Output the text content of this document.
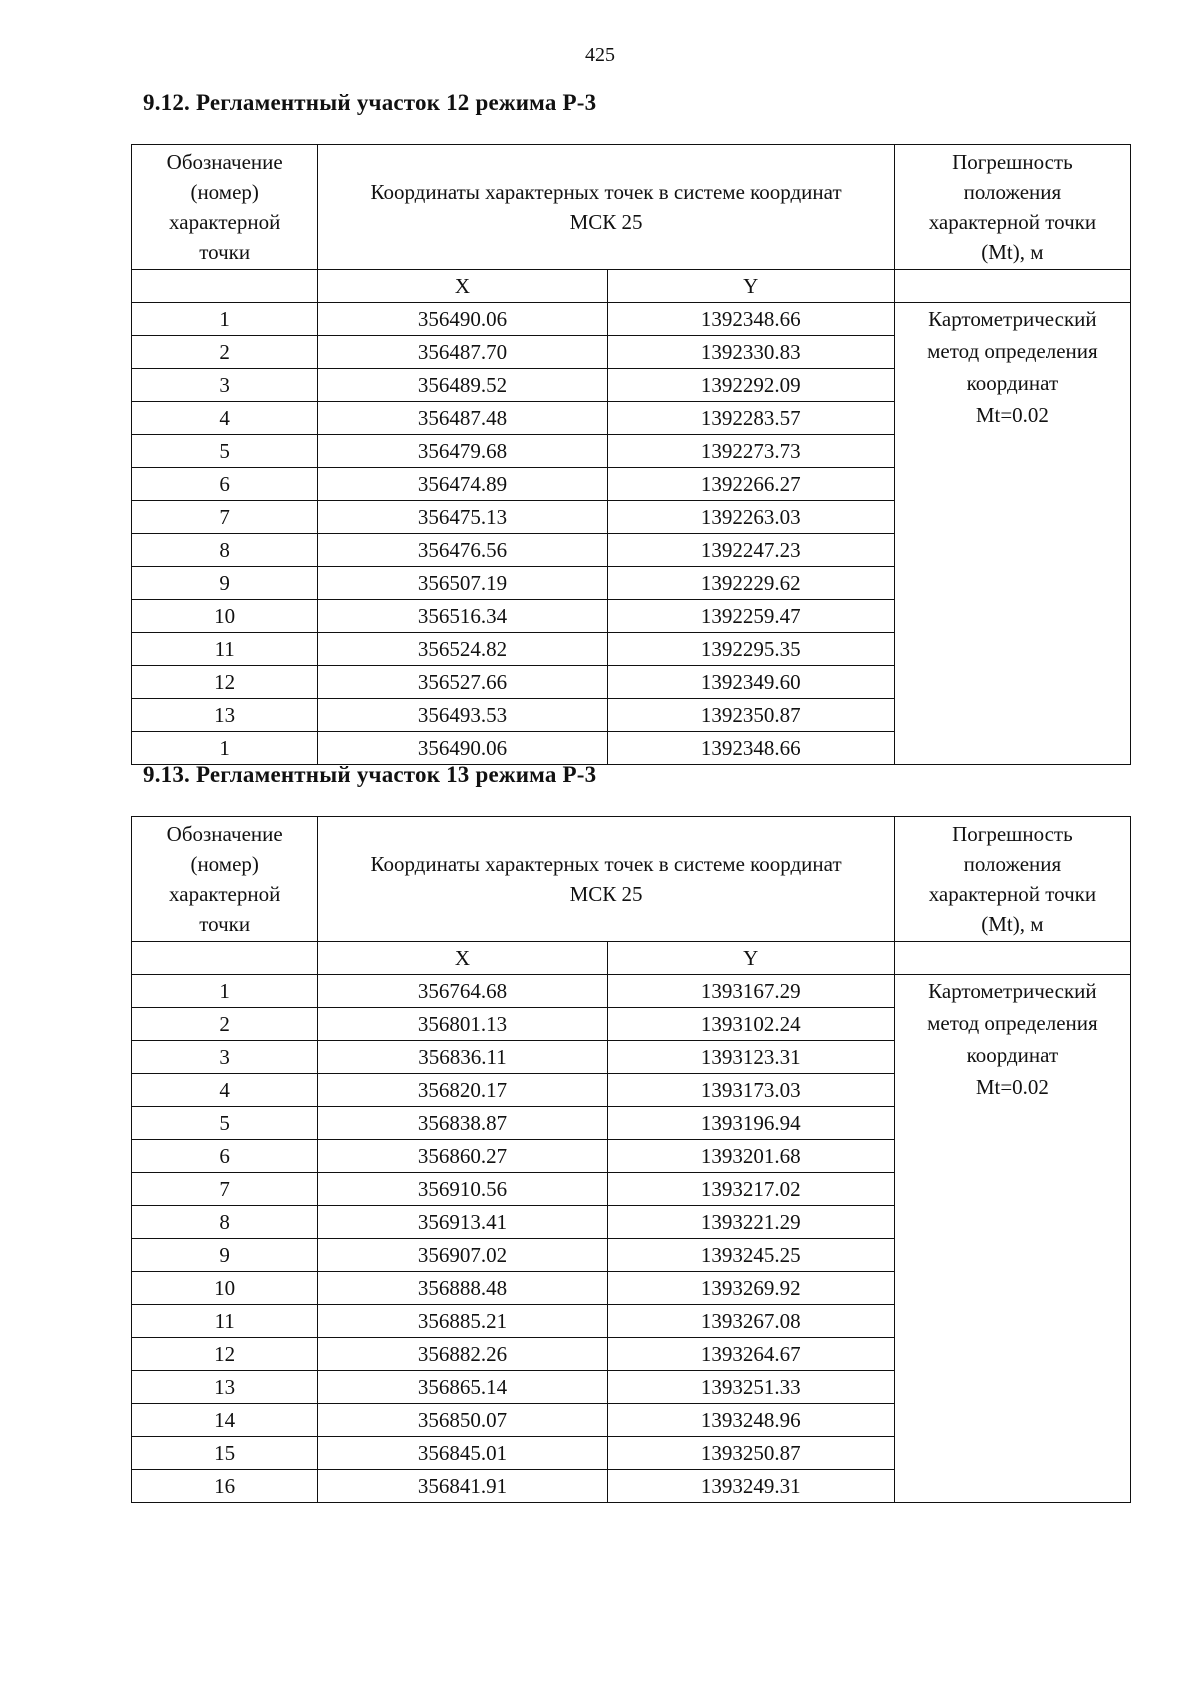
425
9.12. Регламентный участок 12 режима Р-3
Обозначение
(номер)
характерной
точки	Координаты характерных точек в системе координат
МСК 25		Погрешность
положения
характерной точки
(Mt), м

	X	Y	
1	356490.06	1392348.66	Картометрический
метод определения
координат
Mt=0.02

2	356487.70	1392330.83	
3	356489.52	1392292.09	
4	356487.48	1392283.57	
5	356479.68	1392273.73	
6	356474.89	1392266.27	
7	356475.13	1392263.03	
8	356476.56	1392247.23	
9	356507.19	1392229.62	
10	356516.34	1392259.47	
11	356524.82	1392295.35	
12	356527.66	1392349.60	
13	356493.53	1392350.87	
1	356490.06	1392348.66	
9.13. Регламентный участок 13 режима Р-3
Обозначение
(номер)
характерной
точки	Координаты характерных точек в системе координат
МСК 25		Погрешность
положения
характерной точки
(Mt), м

	X	Y	
1	356764.68	1393167.29	Картометрический
метод определения
координат
Mt=0.02

2	356801.13	1393102.24	
3	356836.11	1393123.31	
4	356820.17	1393173.03	
5	356838.87	1393196.94	
6	356860.27	1393201.68	
7	356910.56	1393217.02	
8	356913.41	1393221.29	
9	356907.02	1393245.25	
10	356888.48	1393269.92	
11	356885.21	1393267.08	
12	356882.26	1393264.67	
13	356865.14	1393251.33	
14	356850.07	1393248.96	
15	356845.01	1393250.87	
16	356841.91	1393249.31	
